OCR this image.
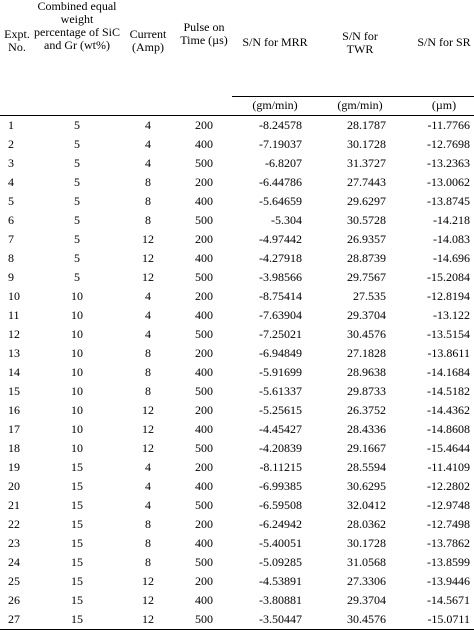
Expt. No.	Combined equal weight percentage of SiC and Gr (wt%)	Current (Amp)	Pulse on Time (µs)	S/N for MRR	S/N for TWR	S/N for SR
				(gm/min)	(gm/min)	(µm)
1	5	4	200	-8.24578	28.1787	-11.7766
2	5	4	400	-7.19037	30.1728	-12.7698
3	5	4	500	-6.8207	31.3727	-13.2363
4	5	8	200	-6.44786	27.7443	-13.0062
5	5	8	400	-5.64659	29.6297	-13.8745
6	5	8	500	-5.304	30.5728	-14.218
7	5	12	200	-4.97442	26.9357	-14.083
8	5	12	400	-4.27918	28.8739	-14.696
9	5	12	500	-3.98566	29.7567	-15.2084
10	10	4	200	-8.75414	27.535	-12.8194
11	10	4	400	-7.63904	29.3704	-13.122
12	10	4	500	-7.25021	30.4576	-13.5154
13	10	8	200	-6.94849	27.1828	-13.8611
14	10	8	400	-5.91699	28.9638	-14.1684
15	10	8	500	-5.61337	29.8733	-14.5182
16	10	12	200	-5.25615	26.3752	-14.4362
17	10	12	400	-4.45427	28.4336	-14.8608
18	10	12	500	-4.20839	29.1667	-15.4644
19	15	4	200	-8.11215	28.5594	-11.4109
20	15	4	400	-6.99385	30.6295	-12.2802
21	15	4	500	-6.59508	32.0412	-12.9748
22	15	8	200	-6.24942	28.0362	-12.7498
23	15	8	400	-5.40051	30.1728	-13.7862
24	15	8	500	-5.09285	31.0568	-13.8599
25	15	12	200	-4.53891	27.3306	-13.9446
26	15	12	400	-3.80881	29.3704	-14.5671
27	15	12	500	-3.50447	30.4576	-15.0711
